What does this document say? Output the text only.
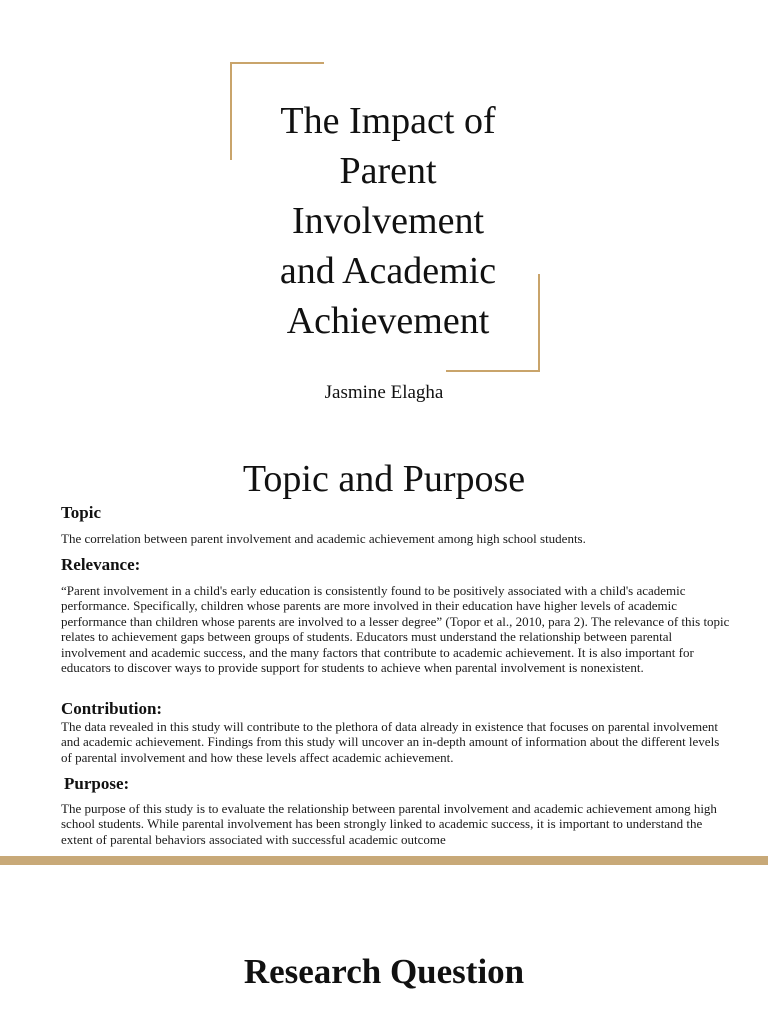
The Impact of
Parent
Involvement
and Academic
Achievement
Jasmine Elagha
Topic and Purpose
Topic

The correlation between parent involvement and academic achievement among high school students.

Relevance:

“Parent involvement in a child's early education is consistently found to be positively associated with a child's academic performance. Specifically, children whose parents are more involved in their education have higher levels of academic performance than children whose parents are involved to a lesser degree” (Topor et al., 2010, para 2). The relevance of this topic relates to achievement gaps between groups of students. Educators must understand the relationship between parental involvement and academic success, and the many factors that contribute to academic achievement. It is also important for educators to discover ways to provide support for students to achieve when parental involvement is nonexistent.

Contribution:

The data revealed in this study will contribute to the plethora of data already in existence that focuses on parental involvement and academic achievement. Findings from this study will uncover an in-depth amount of information about the different levels of parental involvement and how these levels affect academic achievement.

Purpose:

The purpose of this study is to evaluate the relationship between parental involvement and academic achievement among high school students. While parental involvement has been strongly linked to academic success, it is important to understand the extent of parental behaviors associated with successful academic outcome

Research Question
